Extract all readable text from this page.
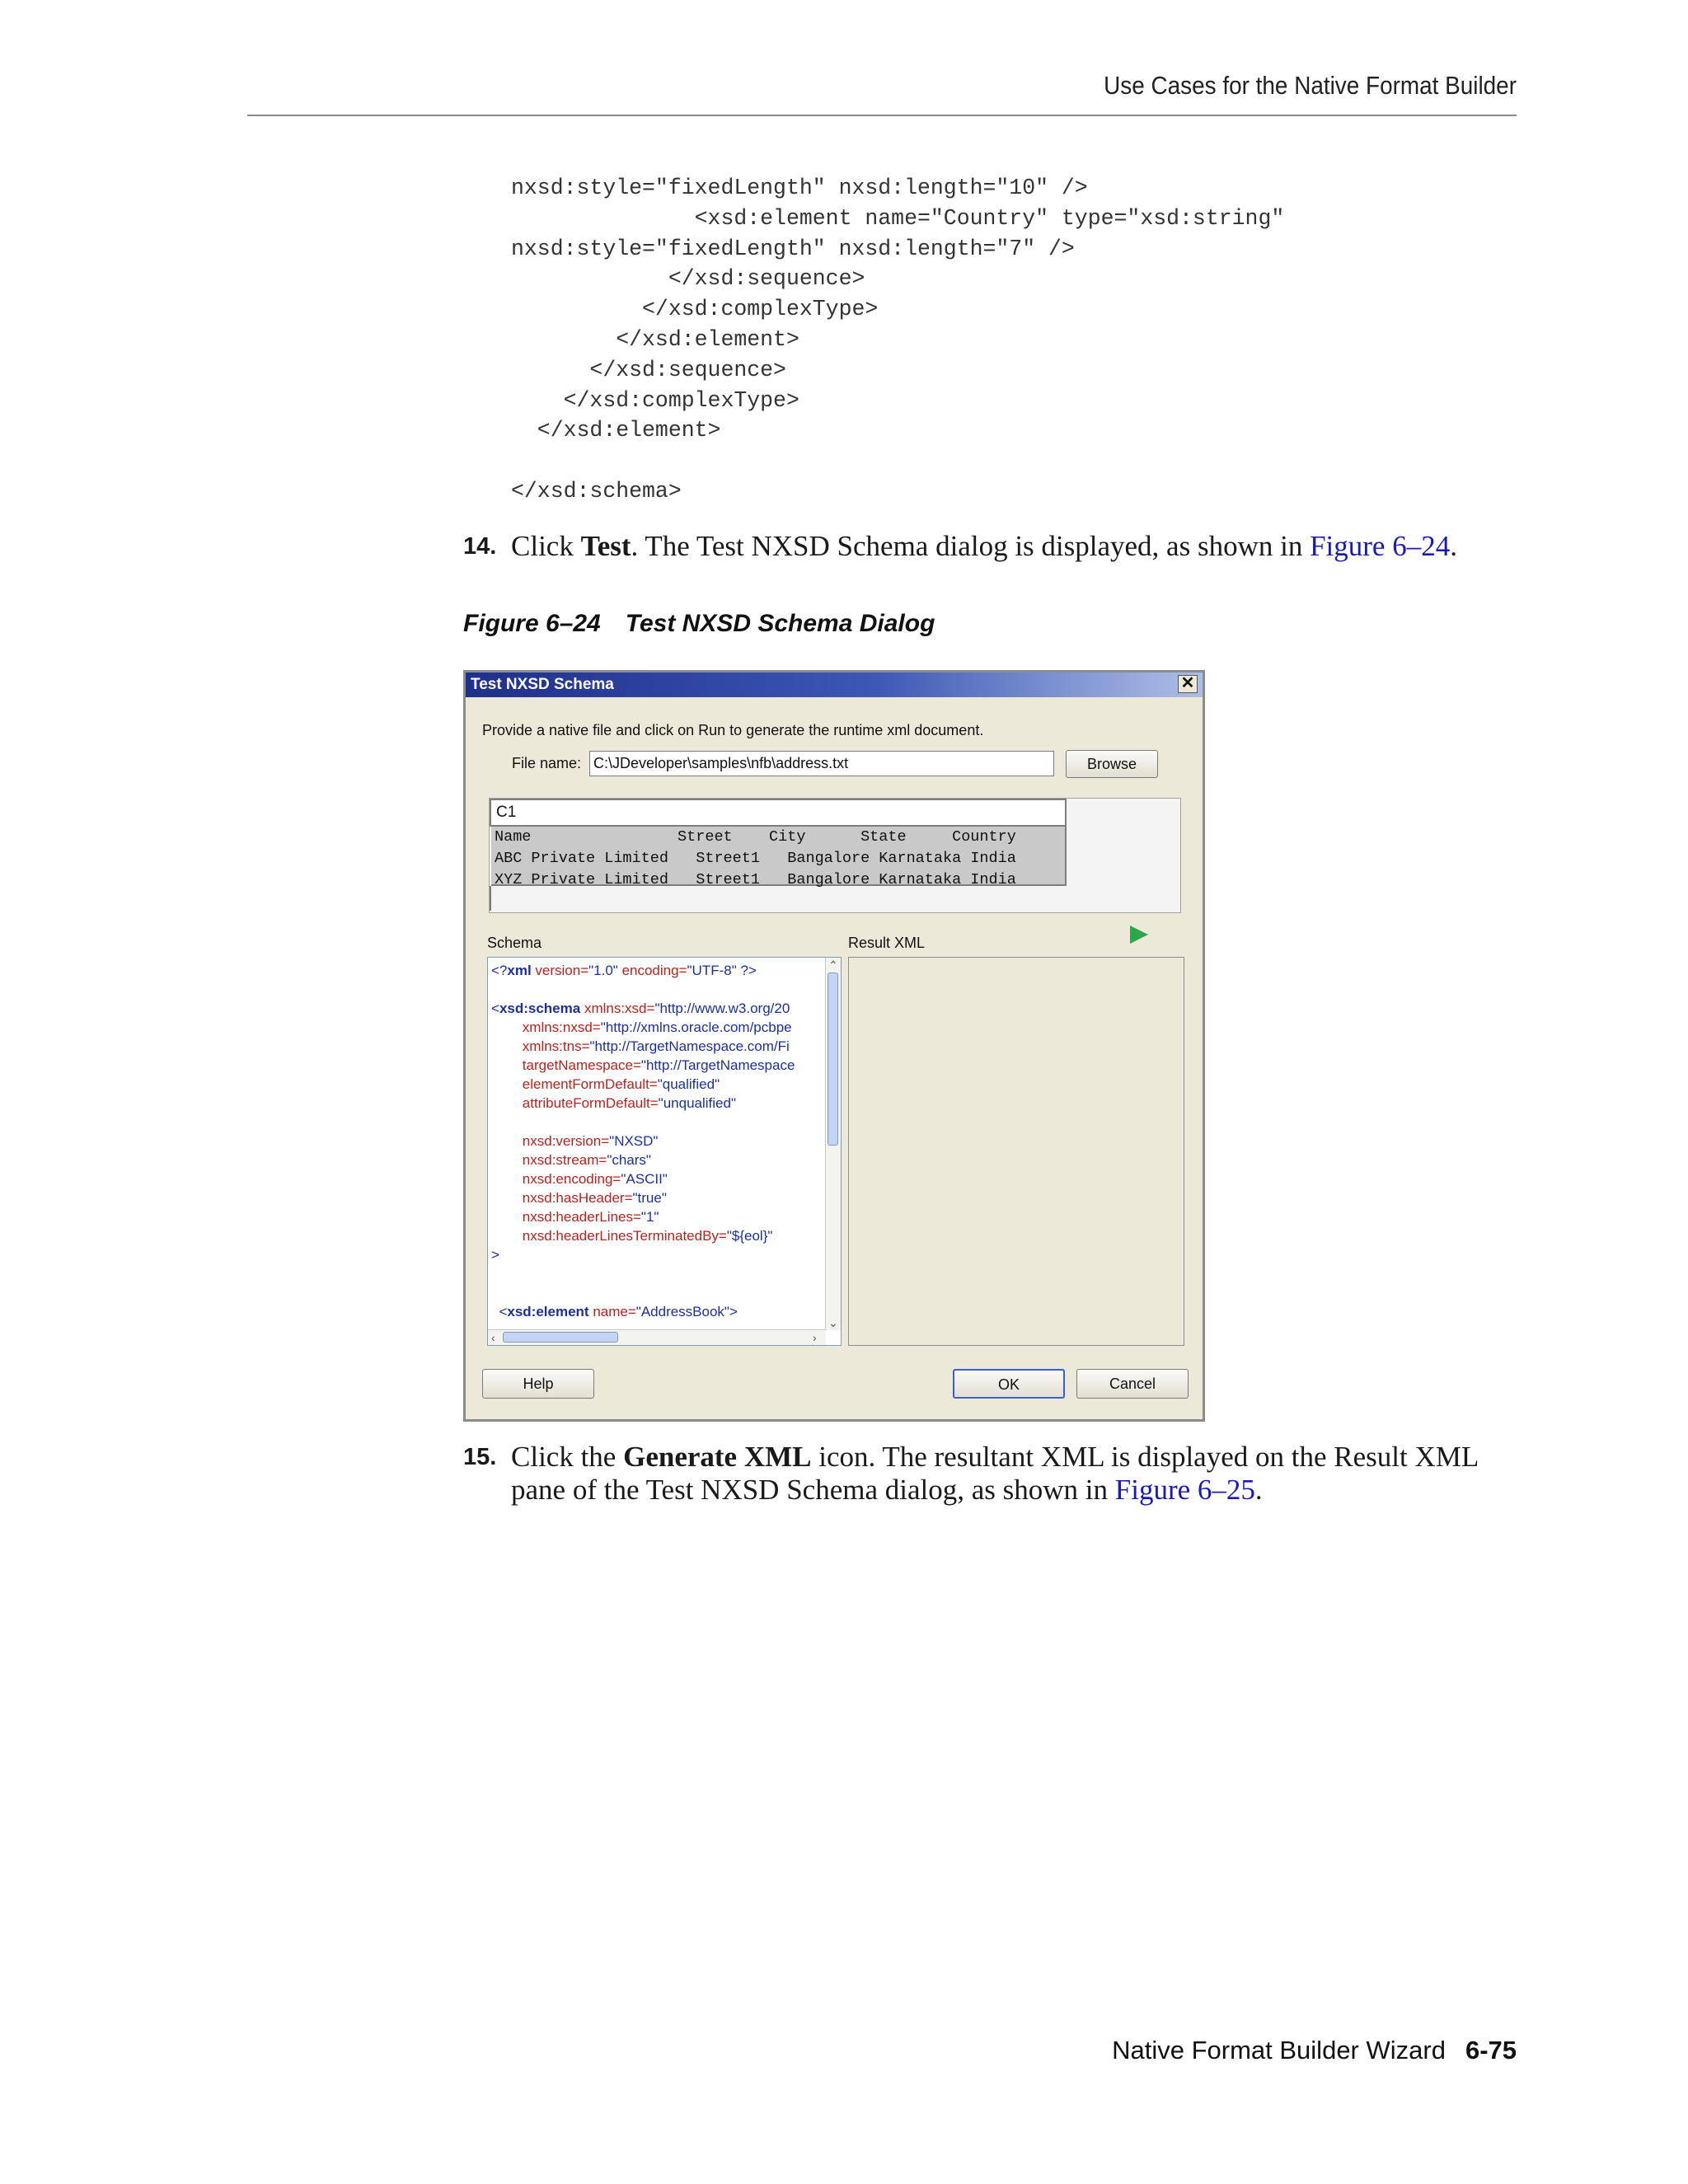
Use Cases for the Native Format Builder
nxsd:style="fixedLength" nxsd:length="10" />
<xsd:element name="Country" type="xsd:string"
nxsd:style="fixedLength" nxsd:length="7" />
</xsd:sequence>
</xsd:complexType>
</xsd:element>
</xsd:sequence>
</xsd:complexType>
</xsd:element>

</xsd:schema>

14. Click Test. The Test NXSD Schema dialog is displayed, as shown in Figure 6–24.
Figure 6–24 Test NXSD Schema Dialog
Test NXSD Schema	✕
Provide a native file and click on Run to generate the runtime xml document.
File name: C:\JDeveloper\samples\nfb\address.txt	Browse
C1
Name                Street    City      State     Country
ABC Private Limited   Street1   Bangalore Karnataka India
XYZ Private Limited   Street1   Bangalore Karnataka India
Schema	Result XML
<?xml version="1.0" encoding="UTF-8" ?>

<xsd:schema xmlns:xsd="http://www.w3.org/20
xmlns:nxsd="http://xmlns.oracle.com/pcbpe
xmlns:tns="http://TargetNamespace.com/Fi
targetNamespace="http://TargetNamespace
elementFormDefault="qualified"
attributeFormDefault="unqualified"

nxsd:version="NXSD"
nxsd:stream="chars"
nxsd:encoding="ASCII"
nxsd:hasHeader="true"
nxsd:headerLines="1"
nxsd:headerLinesTerminatedBy="${eol}"
>

<xsd:element name="AddressBook">
⌃
⌄
‹	›
Help	OK	Cancel
15. Click the Generate XML icon. The resultant XML is displayed on the Result XML pane of the Test NXSD Schema dialog, as shown in Figure 6–25.
Native Format Builder Wizard 6-75
